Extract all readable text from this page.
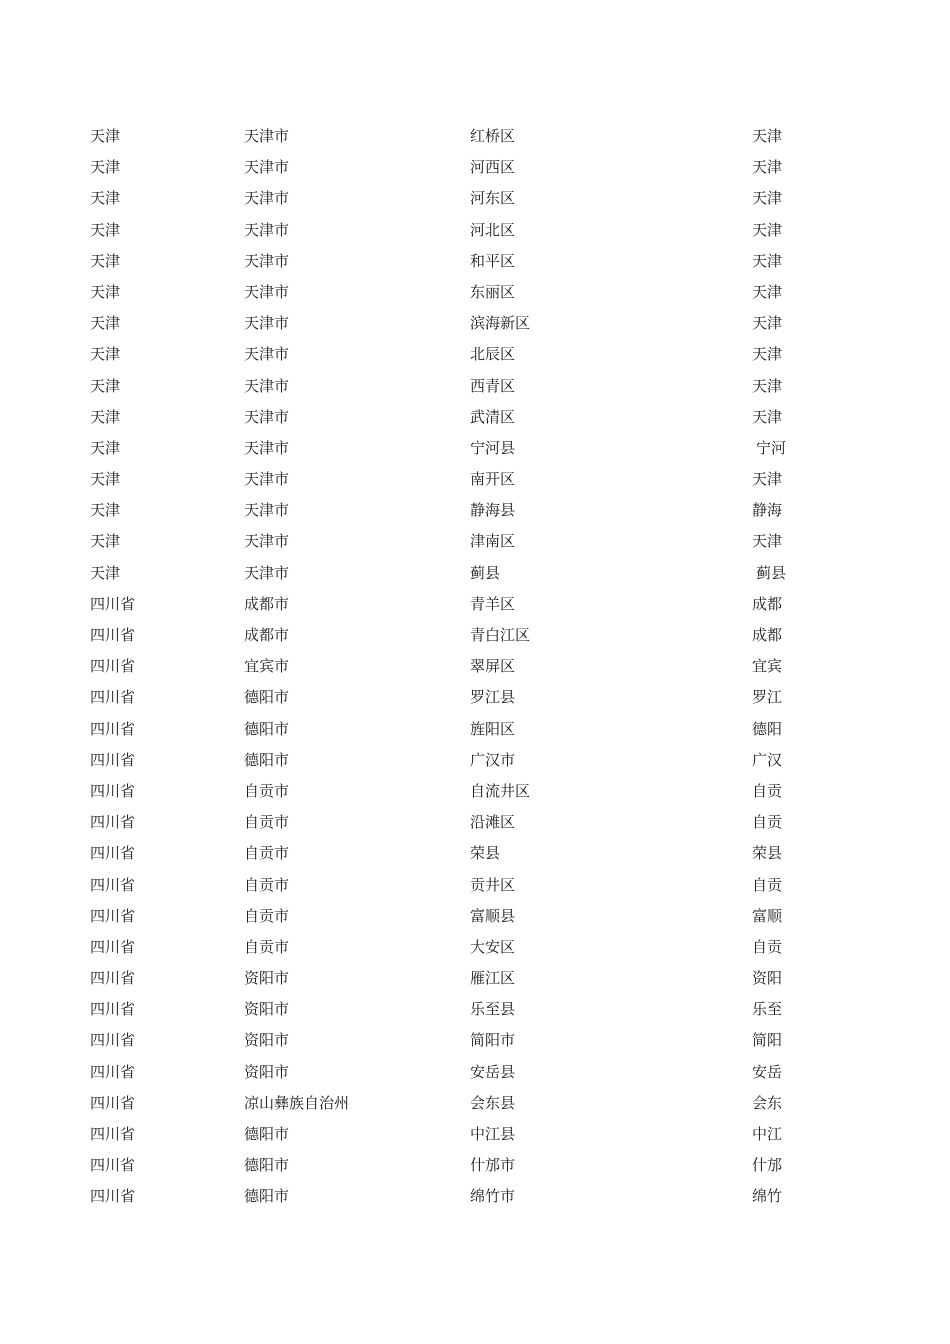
天津	天津市	红桥区	天津
天津	天津市	河西区	天津
天津	天津市	河东区	天津
天津	天津市	河北区	天津
天津	天津市	和平区	天津
天津	天津市	东丽区	天津
天津	天津市	滨海新区	天津
天津	天津市	北辰区	天津
天津	天津市	西青区	天津
天津	天津市	武清区	天津
天津	天津市	宁河县	宁河
天津	天津市	南开区	天津
天津	天津市	静海县	静海
天津	天津市	津南区	天津
天津	天津市	蓟县	蓟县
四川省	成都市	青羊区	成都
四川省	成都市	青白江区	成都
四川省	宜宾市	翠屏区	宜宾
四川省	德阳市	罗江县	罗江
四川省	德阳市	旌阳区	德阳
四川省	德阳市	广汉市	广汉
四川省	自贡市	自流井区	自贡
四川省	自贡市	沿滩区	自贡
四川省	自贡市	荣县	荣县
四川省	自贡市	贡井区	自贡
四川省	自贡市	富顺县	富顺
四川省	自贡市	大安区	自贡
四川省	资阳市	雁江区	资阳
四川省	资阳市	乐至县	乐至
四川省	资阳市	简阳市	简阳
四川省	资阳市	安岳县	安岳
四川省	凉山彝族自治州	会东县	会东
四川省	德阳市	中江县	中江
四川省	德阳市	什邡市	什邡
四川省	德阳市	绵竹市	绵竹
